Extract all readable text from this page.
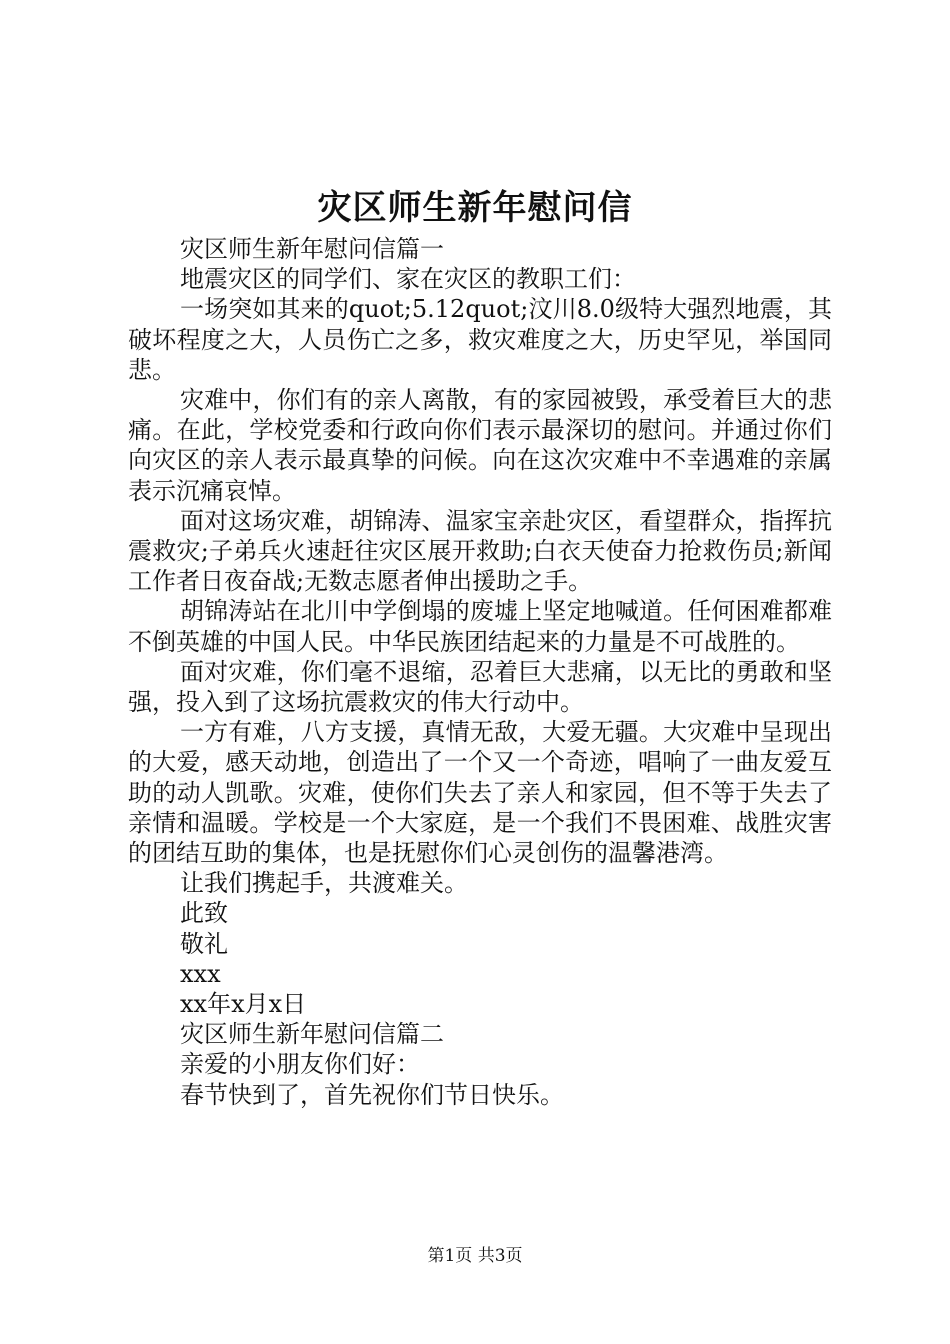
灾区师生新年慰问信

灾区师生新年慰问信篇一

地震灾区的同学们、家在灾区的教职工们：

一场突如其来的quot;5.12quot;汶川8.0级特大强烈地震，其破坏程度之大，人员伤亡之多，救灾难度之大，历史罕见，举国同悲。

灾难中，你们有的亲人离散，有的家园被毁，承受着巨大的悲痛。在此，学校党委和行政向你们表示最深切的慰问。并通过你们向灾区的亲人表示最真挚的问候。向在这次灾难中不幸遇难的亲属表示沉痛哀悼。

面对这场灾难，胡锦涛、温家宝亲赴灾区，看望群众，指挥抗震救灾;子弟兵火速赶往灾区展开救助;白衣天使奋力抢救伤员;新闻工作者日夜奋战;无数志愿者伸出援助之手。

胡锦涛站在北川中学倒塌的废墟上坚定地喊道。任何困难都难不倒英雄的中国人民。中华民族团结起来的力量是不可战胜的。

面对灾难，你们毫不退缩，忍着巨大悲痛，以无比的勇敢和坚强，投入到了这场抗震救灾的伟大行动中。

一方有难，八方支援，真情无敌，大爱无疆。大灾难中呈现出的大爱，感天动地，创造出了一个又一个奇迹，唱响了一曲友爱互助的动人凯歌。灾难，使你们失去了亲人和家园，但不等于失去了亲情和温暖。学校是一个大家庭，是一个我们不畏困难、战胜灾害的团结互助的集体，也是抚慰你们心灵创伤的温馨港湾。

让我们携起手，共渡难关。

此致

敬礼

xxx

xx年x月x日

灾区师生新年慰问信篇二

亲爱的小朋友你们好：

春节快到了，首先祝你们节日快乐。

第1页 共3页
